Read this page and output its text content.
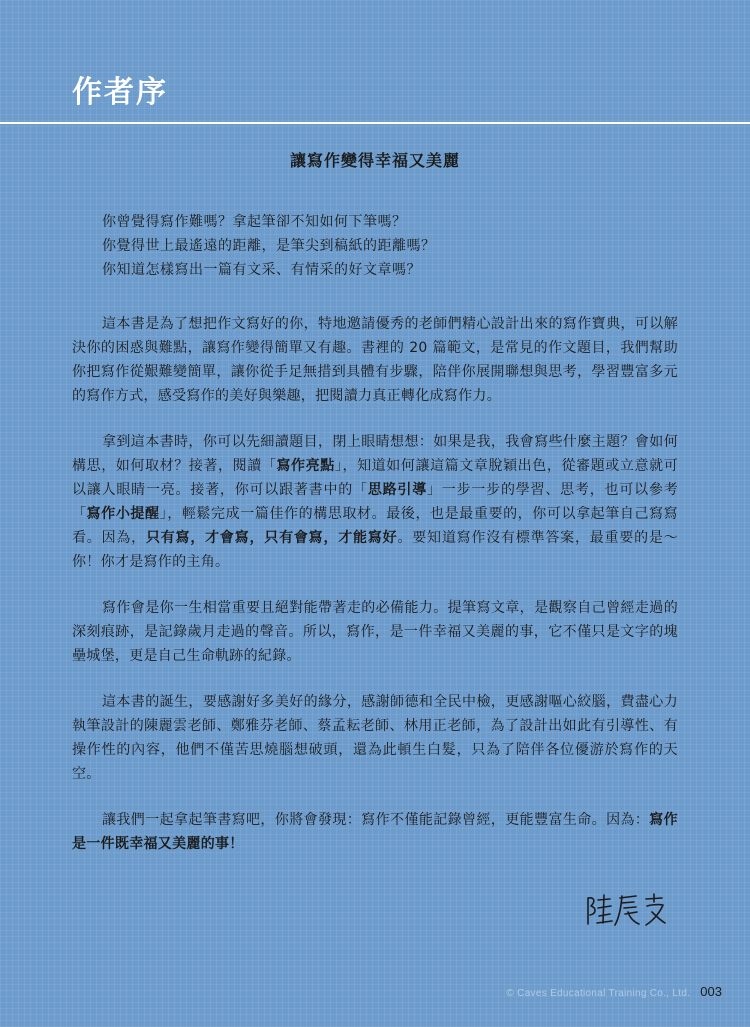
作者序
讓寫作變得幸福又美麗
你曾覺得寫作難嗎？拿起筆卻不知如何下筆嗎？
你覺得世上最遙遠的距離，是筆尖到稿紙的距離嗎？
你知道怎樣寫出一篇有文采、有情采的好文章嗎？

這本書是為了想把作文寫好的你，特地邀請優秀的老師們精心設計出來的寫作寶典，可以解決你的困惑與難點，讓寫作變得簡單又有趣。書裡的 20 篇範文，是常見的作文題目，我們幫助你把寫作從艱難變簡單，讓你從手足無措到具體有步驟，陪伴你展開聯想與思考，學習豐富多元的寫作方式，感受寫作的美好與樂趣，把閱讀力真正轉化成寫作力。

拿到這本書時，你可以先細讀題目，閉上眼睛想想：如果是我，我會寫些什麼主題？會如何構思，如何取材？接著，閱讀「寫作亮點」，知道如何讓這篇文章脫穎出色，從審題或立意就可以讓人眼睛一亮。接著，你可以跟著書中的「思路引導」一步一步的學習、思考，也可以參考「寫作小提醒」，輕鬆完成一篇佳作的構思取材。最後，也是最重要的，你可以拿起筆自己寫寫看。因為，只有寫，才會寫，只有會寫，才能寫好。要知道寫作沒有標準答案，最重要的是～你！你才是寫作的主角。

寫作會是你一生相當重要且絕對能帶著走的必備能力。提筆寫文章，是觀察自己曾經走過的深刻痕跡，是記錄歲月走過的聲音。所以，寫作，是一件幸福又美麗的事，它不僅只是文字的塊壘城堡，更是自己生命軌跡的紀錄。

這本書的誕生，要感謝好多美好的緣分，感謝師德和全民中檢，更感謝嘔心絞腦，費盡心力執筆設計的陳麗雲老師、鄭雅芬老師、蔡孟耘老師、林用正老師，為了設計出如此有引導性、有操作性的內容，他們不僅苦思燒腦想破頭，還為此頓生白髮，只為了陪伴各位優游於寫作的天空。

讓我們一起拿起筆書寫吧，你將會發現：寫作不僅能記錄曾經，更能豐富生命。因為：寫作是一件既幸福又美麗的事！

© Caves Educational Training Co., Ltd. 003
